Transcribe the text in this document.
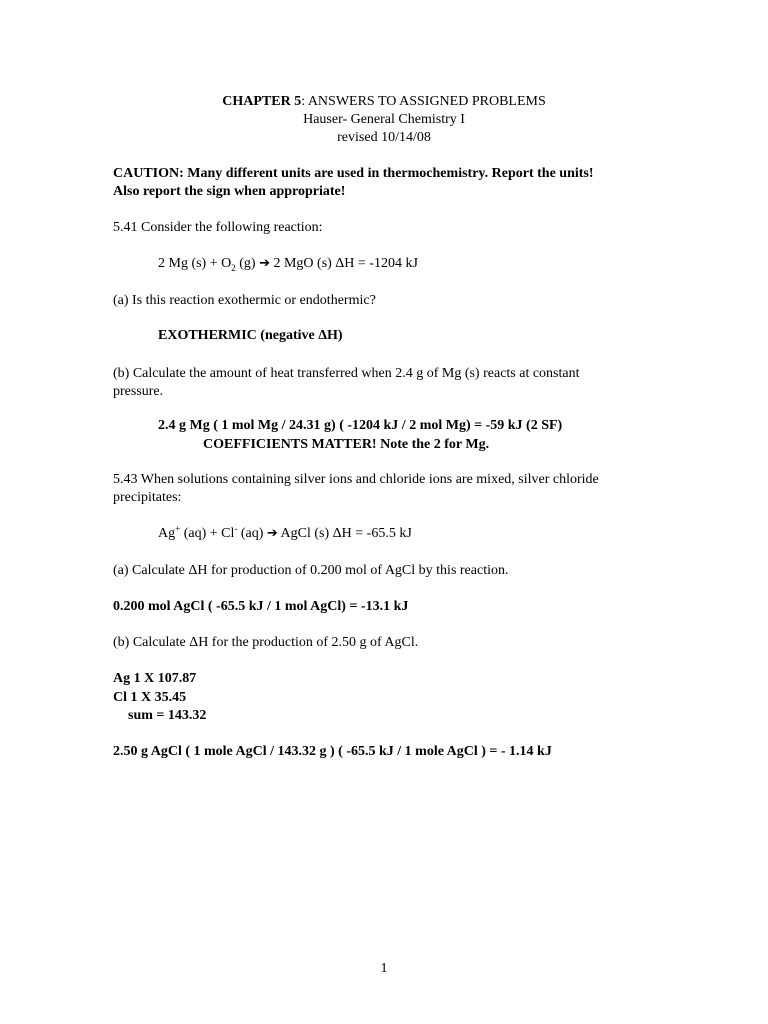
CHAPTER 5: ANSWERS TO ASSIGNED PROBLEMS
Hauser- General Chemistry I
revised 10/14/08
CAUTION: Many different units are used in thermochemistry. Report the units!
Also report the sign when appropriate!
5.41 Consider the following reaction:
2 Mg $(s) + O_2$ (g) ➔ 2 MgO (s) ΔH = -1204 kJ
(a) Is this reaction exothermic or endothermic?
EXOTHERMIC (negative ΔH)
(b) Calculate the amount of heat transferred when 2.4 g of Mg (s) reacts at constant
pressure.
2.4 g Mg ( 1 mol Mg / 24.31 g) ( -1204 kJ / 2 mol Mg) = -59 kJ (2 SF)
COEFFICIENTS MATTER! Note the 2 for Mg.
5.43 When solutions containing silver ions and chloride ions are mixed, silver chloride
precipitates:
Ag+ (aq) + Cl- (aq) ➔ AgCl (s) ΔH = -65.5 kJ
(a) Calculate ΔH for production of 0.200 mol of AgCl by this reaction.
0.200 mol AgCl ( -65.5 kJ / 1 mol AgCl) = -13.1 kJ
(b) Calculate ΔH for the production of 2.50 g of AgCl.
Ag 1 X 107.87
Cl 1 X 35.45
sum = 143.32
2.50 g AgCl ( 1 mole AgCl / 143.32 g ) ( -65.5 kJ / 1 mole AgCl ) = - 1.14 kJ
1
